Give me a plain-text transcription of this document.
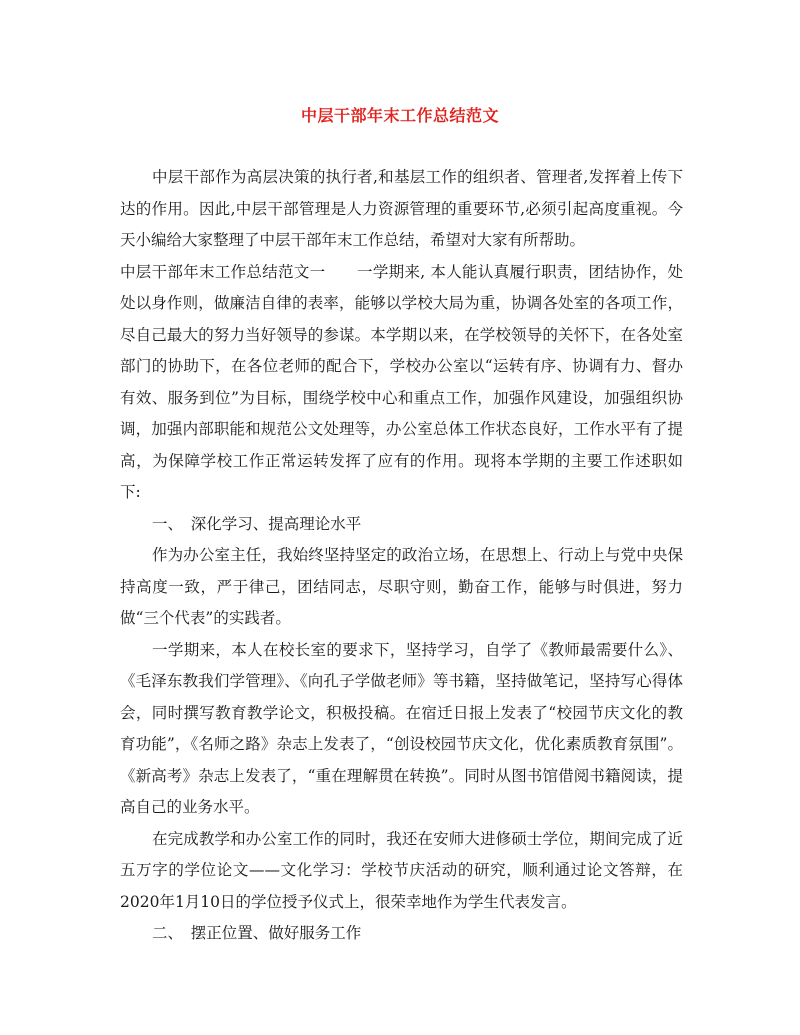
中层干部年末工作总结范文

中层干部作为高层决策的执行者,和基层工作的组织者、管理者,发挥着上传下达的作用。因此,中层干部管理是人力资源管理的重要环节,必须引起高度重视。今天小编给大家整理了中层干部年末工作总结，希望对大家有所帮助。

中层干部年末工作总结范文一　　一学期来, 本人能认真履行职责，团结协作，处处以身作则，做廉洁自律的表率，能够以学校大局为重，协调各处室的各项工作，尽自己最大的努力当好领导的参谋。本学期以来，在学校领导的关怀下，在各处室部门的协助下，在各位老师的配合下，学校办公室以“运转有序、协调有力、督办有效、服务到位”为目标，围绕学校中心和重点工作，加强作风建设，加强组织协调，加强内部职能和规范公文处理等，办公室总体工作状态良好，工作水平有了提高，为保障学校工作正常运转发挥了应有的作用。现将本学期的主要工作述职如下:

一、　深化学习、提高理论水平

作为办公室主任，我始终坚持坚定的政治立场，在思想上、行动上与党中央保持高度一致，严于律己，团结同志，尽职守则，勤奋工作，能够与时俱进，努力做“三个代表”的实践者。

一学期来，本人在校长室的要求下，坚持学习，自学了《教师最需要什么》、《毛泽东教我们学管理》、《向孔子学做老师》等书籍，坚持做笔记，坚持写心得体会，同时撰写教育教学论文，积极投稿。在宿迁日报上发表了“校园节庆文化的教育功能”，《名师之路》杂志上发表了，“创设校园节庆文化，优化素质教育氛围”。《新高考》杂志上发表了，“重在理解贯在转换”。同时从图书馆借阅书籍阅读，提高自己的业务水平。

在完成教学和办公室工作的同时，我还在安师大进修硕士学位，期间完成了近五万字的学位论文——文化学习：学校节庆活动的研究，顺利通过论文答辩，在2020年1月10日的学位授予仪式上，很荣幸地作为学生代表发言。

二、　摆正位置、做好服务工作
